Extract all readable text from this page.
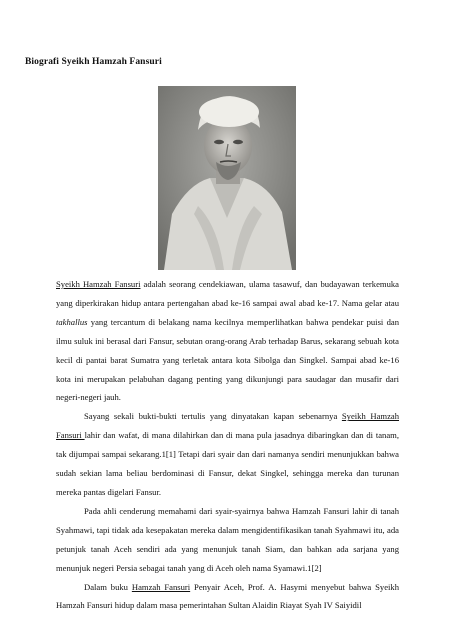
Biografi Syeikh Hamzah Fansuri

Syeikh Hamzah Fansuri adalah seorang cendekiawan, ulama tasawuf, dan budayawan terkemuka yang diperkirakan hidup antara pertengahan abad ke-16 sampai awal abad ke-17. Nama gelar atau takhallus yang tercantum di belakang nama kecilnya memperlihatkan bahwa pendekar puisi dan ilmu suluk ini berasal dari Fansur, sebutan orang-orang Arab terhadap Barus, sekarang sebuah kota kecil di pantai barat Sumatra yang terletak antara kota Sibolga dan Singkel. Sampai abad ke-16 kota ini merupakan pelabuhan dagang penting yang dikunjungi para saudagar dan musafir dari negeri-negeri jauh.

Sayang sekali bukti-bukti tertulis yang dinyatakan kapan sebenarnya Syeikh Hamzah Fansuri lahir dan wafat, di mana dilahirkan dan di mana pula jasadnya dibaringkan dan di tanam, tak dijumpai sampai sekarang.1[1] Tetapi dari syair dan dari namanya sendiri menunjukkan bahwa sudah sekian lama beliau berdominasi di Fansur, dekat Singkel, sehingga mereka dan turunan mereka pantas digelari Fansur.

Pada ahli cenderung memahami dari syair-syairnya bahwa Hamzah Fansuri lahir di tanah Syahmawi, tapi tidak ada kesepakatan mereka dalam mengidentifikasikan tanah Syahmawi itu, ada petunjuk tanah Aceh sendiri ada yang menunjuk tanah Siam, dan bahkan ada sarjana yang menunjuk negeri Persia sebagai tanah yang di Aceh oleh nama Syamawi.1[2]

Dalam buku Hamzah Fansuri Penyair Aceh, Prof. A. Hasymi menyebut bahwa Syeikh Hamzah Fansuri hidup dalam masa pemerintahan Sultan Alaidin Riayat Syah IV Saiyidil
